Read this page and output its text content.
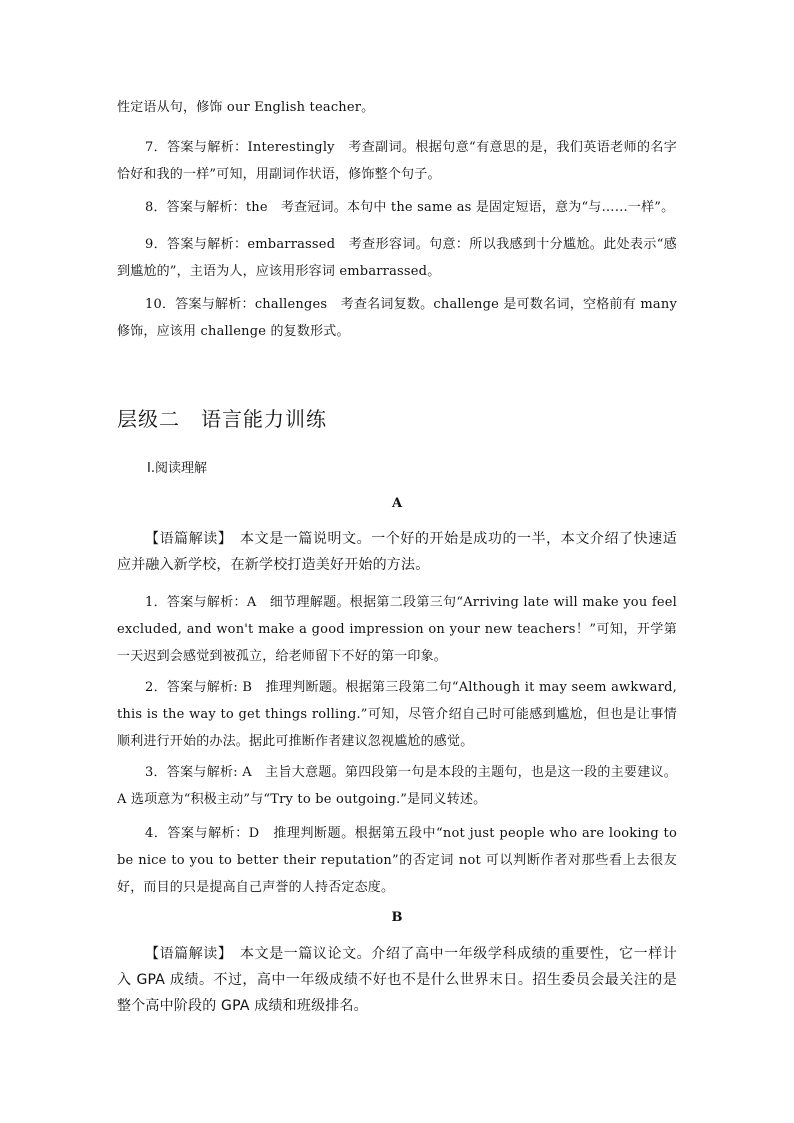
性定语从句，修饰 our English teacher。

7．答案与解析：Interestingly　考查副词。根据句意“有意思的是，我们英语老师的名字恰好和我的一样”可知，用副词作状语，修饰整个句子。

8．答案与解析：the　考查冠词。本句中 the same as 是固定短语，意为“与……一样”。

9．答案与解析：embarrassed　考查形容词。句意：所以我感到十分尴尬。此处表示“感到尴尬的”，主语为人，应该用形容词 embarrassed。

10．答案与解析：challenges　考查名词复数。challenge 是可数名词，空格前有 many 修饰，应该用 challenge 的复数形式。

层级二　语言能力训练

Ⅰ.阅读理解

A

【语篇解读】　本文是一篇说明文。一个好的开始是成功的一半，本文介绍了快速适应并融入新学校，在新学校打造美好开始的方法。

1．答案与解析：A　细节理解题。根据第二段第三句“Arriving late will make you feel excluded, and won't make a good impression on your new teachers！”可知，开学第一天迟到会感觉到被孤立，给老师留下不好的第一印象。

2．答案与解析: B　推理判断题。根据第三段第二句“Although it may seem awkward, this is the way to get things rolling.”可知，尽管介绍自己时可能感到尴尬，但也是让事情顺利进行开始的办法。据此可推断作者建议忽视尴尬的感觉。

3．答案与解析: A　主旨大意题。第四段第一句是本段的主题句，也是这一段的主要建议。A 选项意为“积极主动”与“Try to be outgoing.”是同义转述。

4．答案与解析：D　推理判断题。根据第五段中“not just people who are looking to be nice to you to better their reputation”的否定词 not 可以判断作者对那些看上去很友好，而目的只是提高自己声誉的人持否定态度。

B

【语篇解读】　本文是一篇议论文。介绍了高中一年级学科成绩的重要性，它一样计入 GPA 成绩。不过，高中一年级成绩不好也不是什么世界末日。招生委员会最关注的是整个高中阶段的 GPA 成绩和班级排名。
